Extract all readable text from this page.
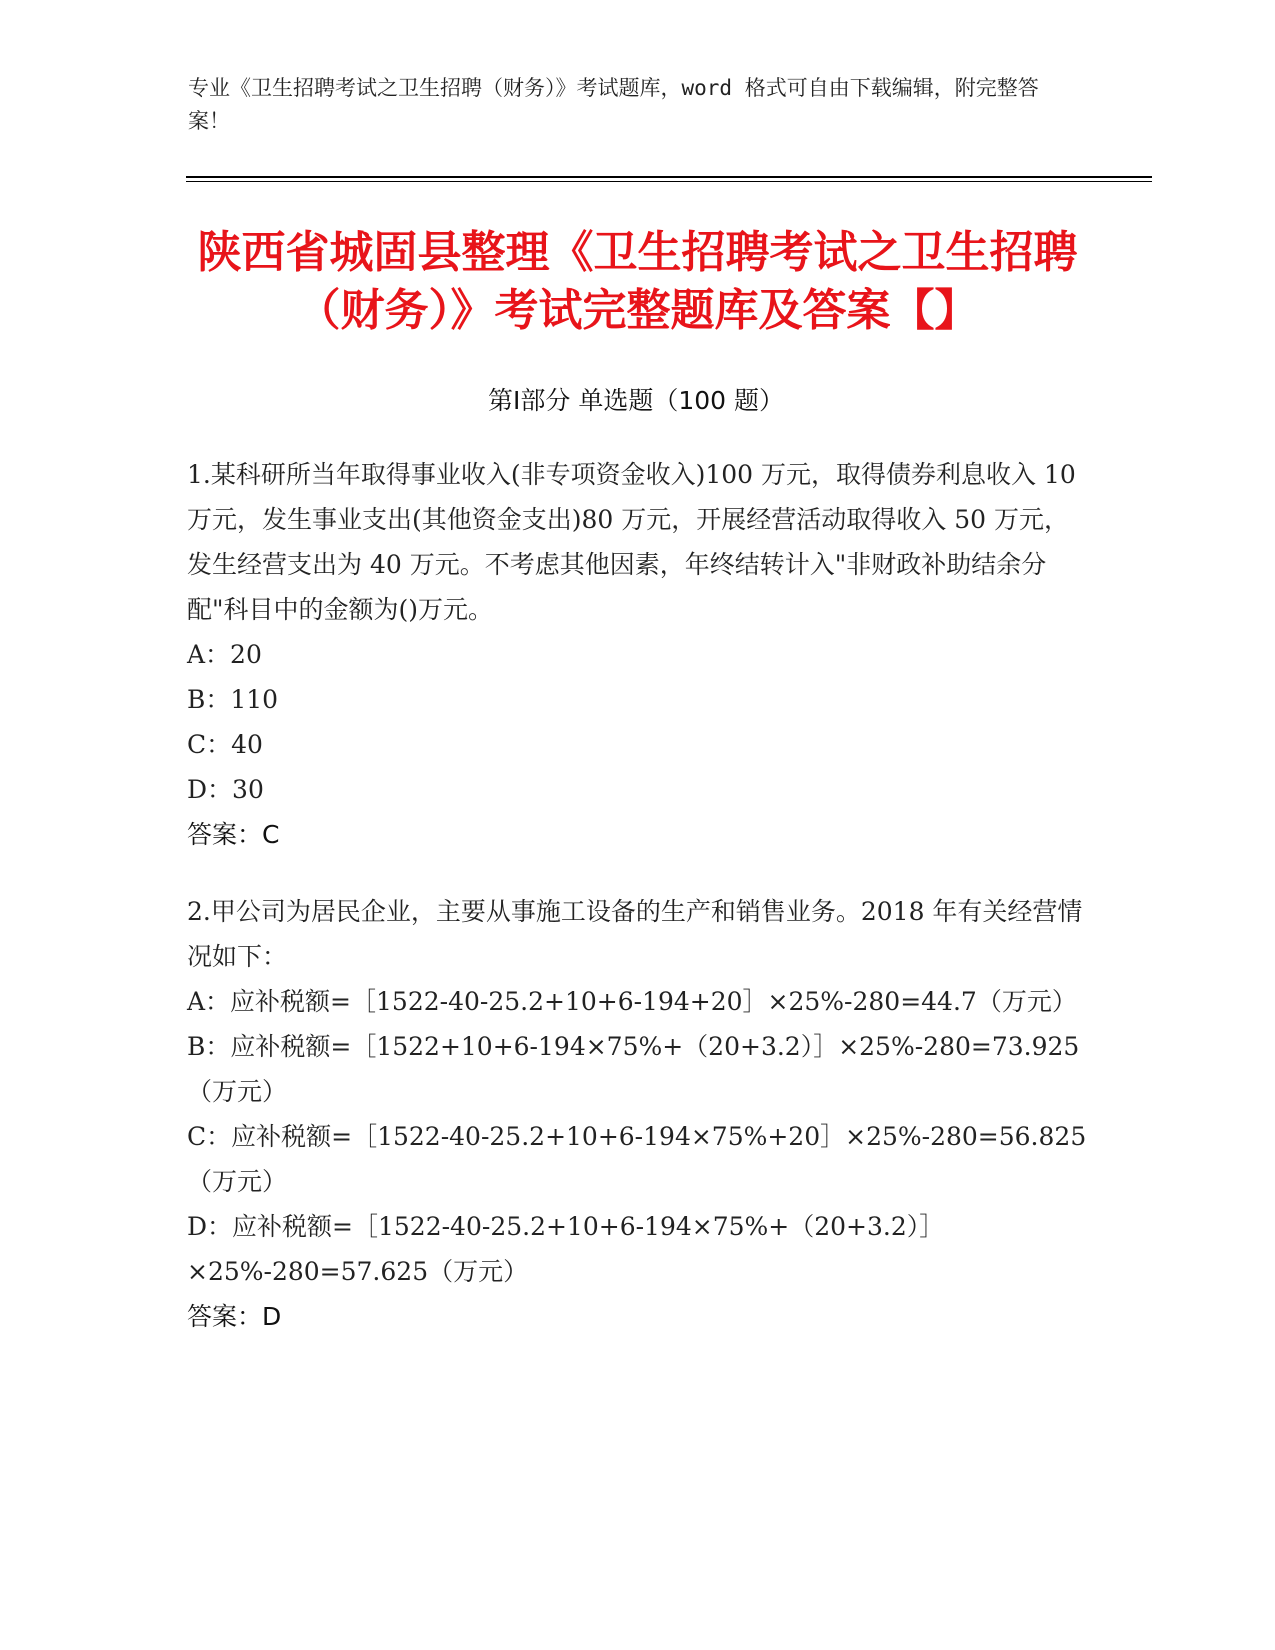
专业《卫生招聘考试之卫生招聘（财务）》考试题库，word 格式可自由下载编辑，附完整答案！
陕西省城固县整理《卫生招聘考试之卫生招聘（财务）》考试完整题库及答案【】
第Ⅰ部分 单选题（100 题）

1.某科研所当年取得事业收入(非专项资金收入)100 万元，取得债券利息收入 10 万元，发生事业支出(其他资金支出)80 万元，开展经营活动取得收入 50 万元，发生经营支出为 40 万元。不考虑其他因素，年终结转计入"非财政补助结余分配"科目中的金额为()万元。

A：20

B：110

C：40

D：30

答案：C

2.甲公司为居民企业，主要从事施工设备的生产和销售业务。2018 年有关经营情况如下：

A：应补税额=［1522-40-25.2+10+6-194+20］×25%-280=44.7（万元）

B：应补税额=［1522+10+6-194×75%+（20+3.2）］×25%-280=73.925（万元）

C：应补税额=［1522-40-25.2+10+6-194×75%+20］×25%-280=56.825（万元）

D：应补税额=［1522-40-25.2+10+6-194×75%+（20+3.2）］×25%-280=57.625（万元）

答案：D
